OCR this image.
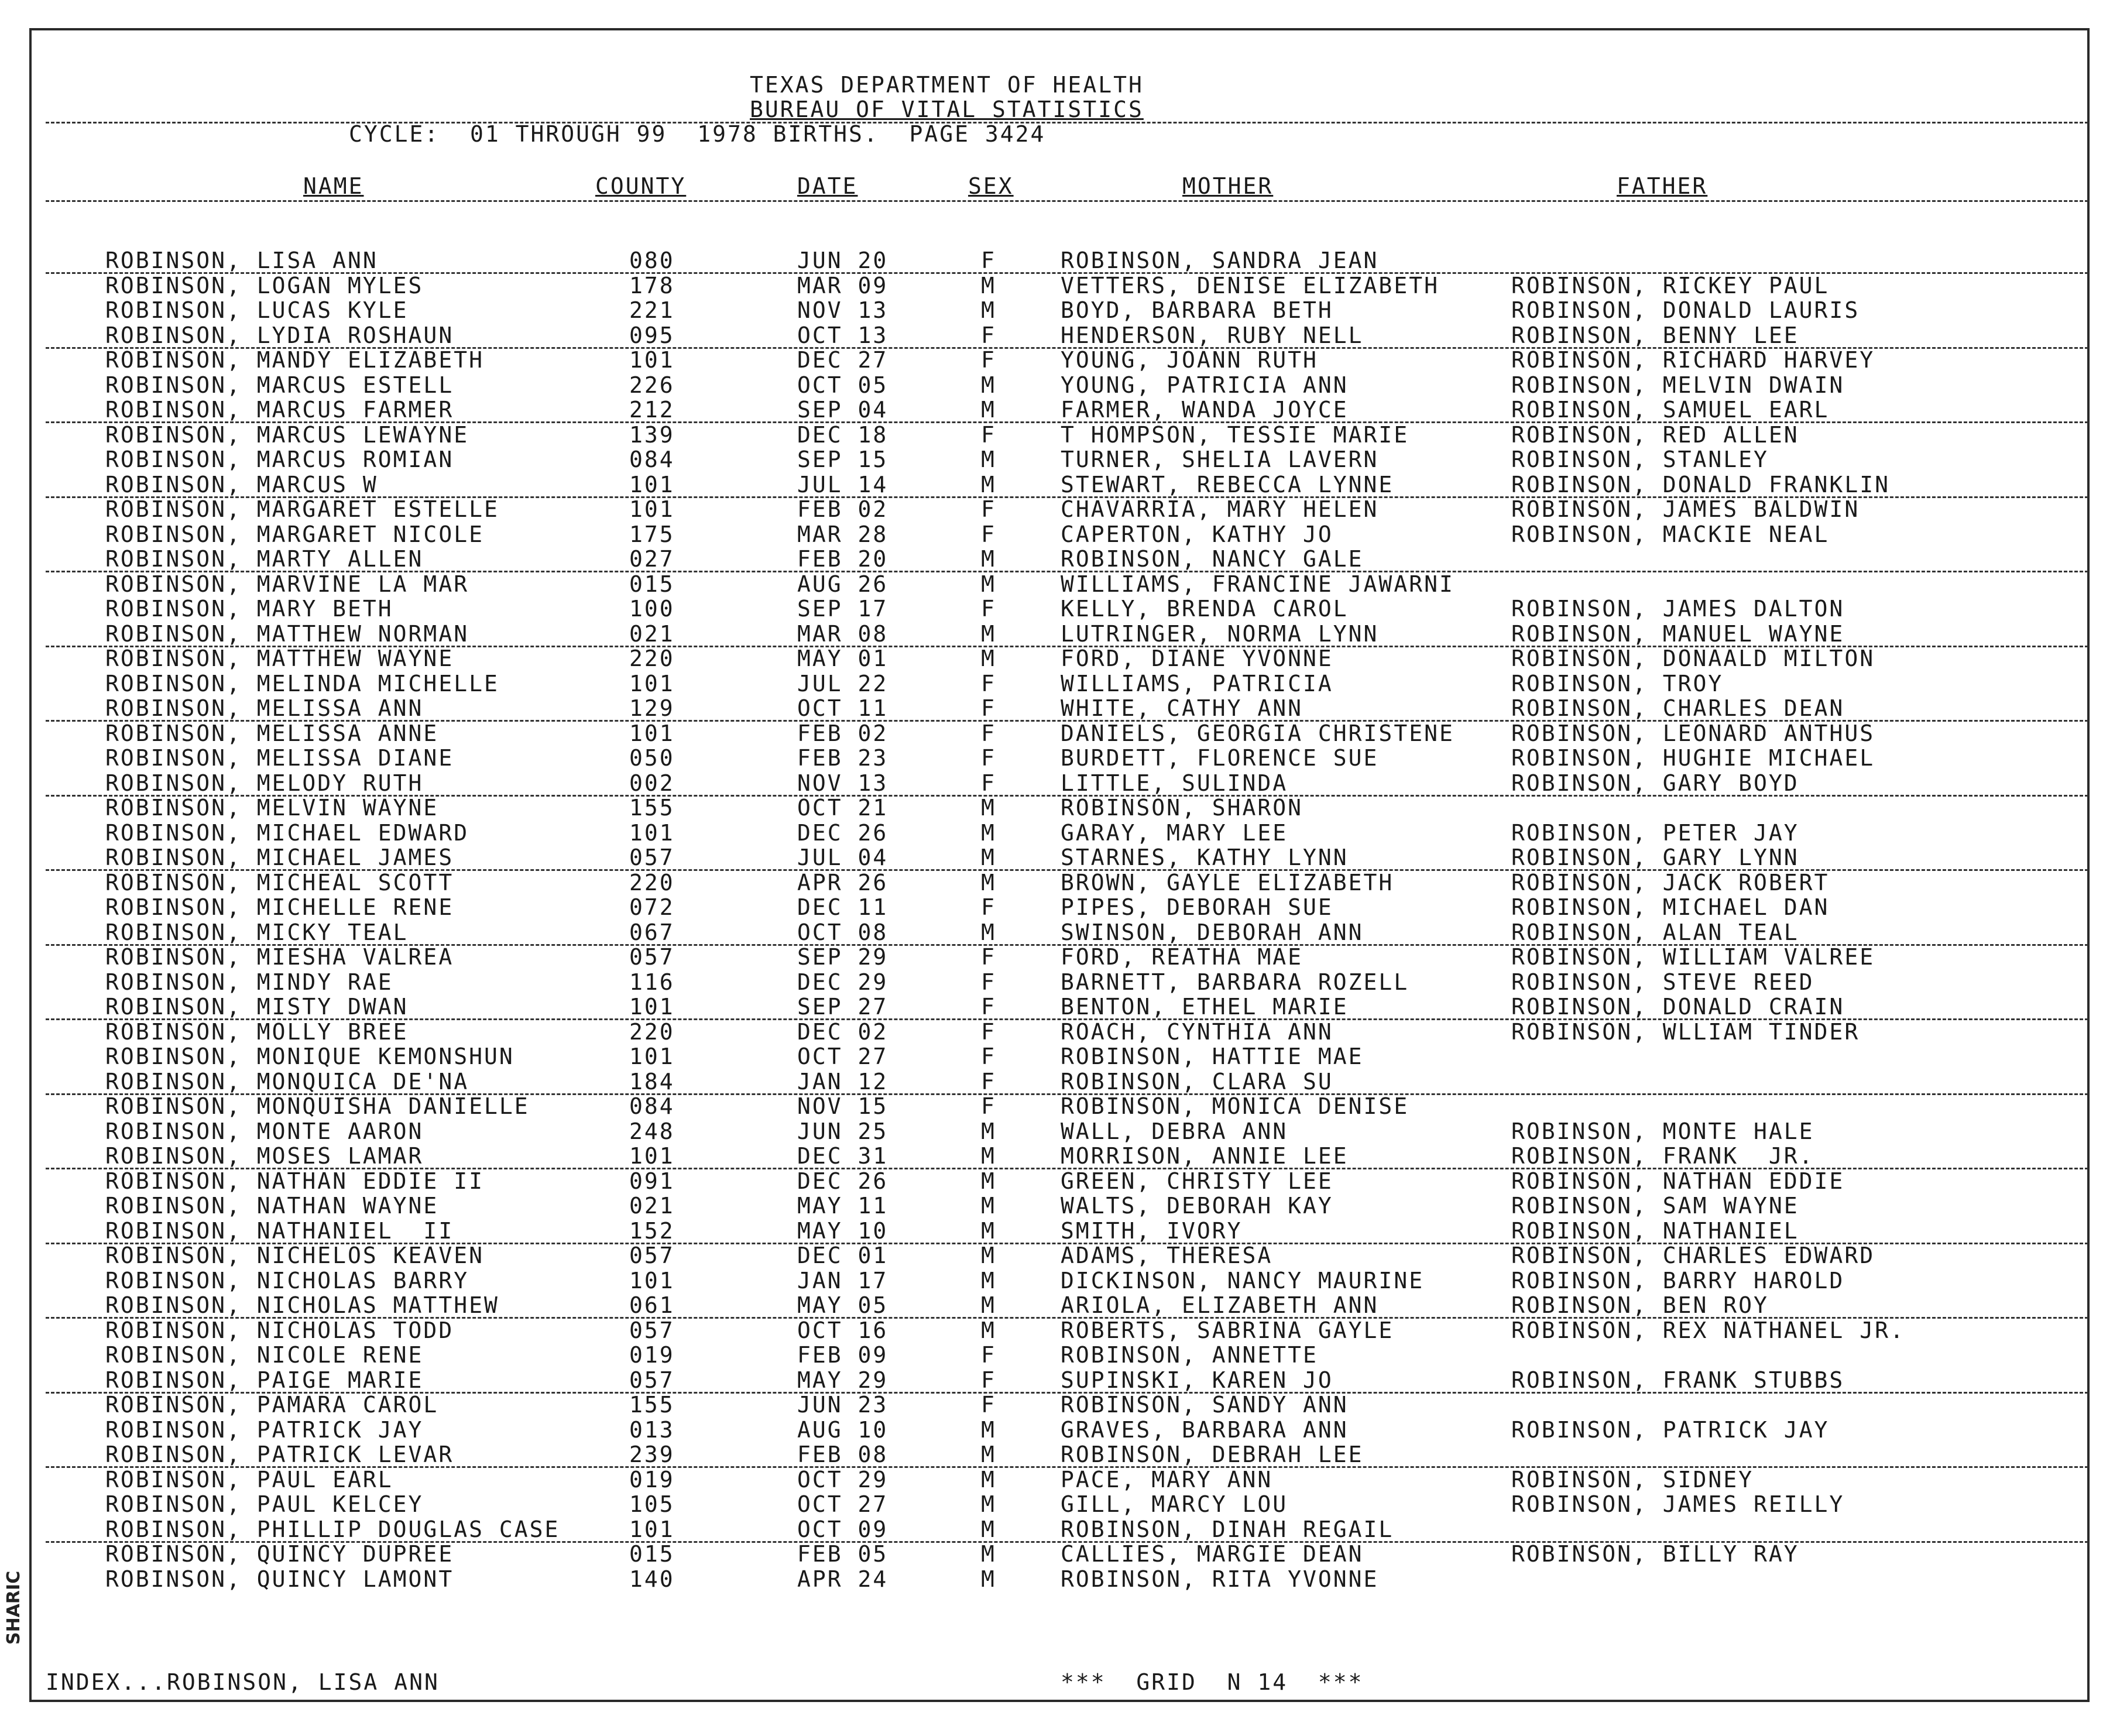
SHARIC
TEXAS DEPARTMENT OF HEALTH
BUREAU OF VITAL STATISTICS
CYCLE:  01 THROUGH 99  1978 BIRTHS.  PAGE 3424
NAME	COUNTY	DATE	SEX	MOTHER	FATHER
ROBINSON, LISA ANN	080	JUN 20	F	ROBINSON, SANDRA JEAN
ROBINSON, LOGAN MYLES	178	MAR 09	M	VETTERS, DENISE ELIZABETH	ROBINSON, RICKEY PAUL
ROBINSON, LUCAS KYLE	221	NOV 13	M	BOYD, BARBARA BETH	ROBINSON, DONALD LAURIS
ROBINSON, LYDIA ROSHAUN	095	OCT 13	F	HENDERSON, RUBY NELL	ROBINSON, BENNY LEE
ROBINSON, MANDY ELIZABETH	101	DEC 27	F	YOUNG, JOANN RUTH	ROBINSON, RICHARD HARVEY
ROBINSON, MARCUS ESTELL	226	OCT 05	M	YOUNG, PATRICIA ANN	ROBINSON, MELVIN DWAIN
ROBINSON, MARCUS FARMER	212	SEP 04	M	FARMER, WANDA JOYCE	ROBINSON, SAMUEL EARL
ROBINSON, MARCUS LEWAYNE	139	DEC 18	F	T HOMPSON, TESSIE MARIE	ROBINSON, RED ALLEN
ROBINSON, MARCUS ROMIAN	084	SEP 15	M	TURNER, SHELIA LAVERN	ROBINSON, STANLEY
ROBINSON, MARCUS W	101	JUL 14	M	STEWART, REBECCA LYNNE	ROBINSON, DONALD FRANKLIN
ROBINSON, MARGARET ESTELLE	101	FEB 02	F	CHAVARRIA, MARY HELEN	ROBINSON, JAMES BALDWIN
ROBINSON, MARGARET NICOLE	175	MAR 28	F	CAPERTON, KATHY JO	ROBINSON, MACKIE NEAL
ROBINSON, MARTY ALLEN	027	FEB 20	M	ROBINSON, NANCY GALE
ROBINSON, MARVINE LA MAR	015	AUG 26	M	WILLIAMS, FRANCINE JAWARNI
ROBINSON, MARY BETH	100	SEP 17	F	KELLY, BRENDA CAROL	ROBINSON, JAMES DALTON
ROBINSON, MATTHEW NORMAN	021	MAR 08	M	LUTRINGER, NORMA LYNN	ROBINSON, MANUEL WAYNE
ROBINSON, MATTHEW WAYNE	220	MAY 01	M	FORD, DIANE YVONNE	ROBINSON, DONAALD MILTON
ROBINSON, MELINDA MICHELLE	101	JUL 22	F	WILLIAMS, PATRICIA	ROBINSON, TROY
ROBINSON, MELISSA ANN	129	OCT 11	F	WHITE, CATHY ANN	ROBINSON, CHARLES DEAN
ROBINSON, MELISSA ANNE	101	FEB 02	F	DANIELS, GEORGIA CHRISTENE	ROBINSON, LEONARD ANTHUS
ROBINSON, MELISSA DIANE	050	FEB 23	F	BURDETT, FLORENCE SUE	ROBINSON, HUGHIE MICHAEL
ROBINSON, MELODY RUTH	002	NOV 13	F	LITTLE, SULINDA	ROBINSON, GARY BOYD
ROBINSON, MELVIN WAYNE	155	OCT 21	M	ROBINSON, SHARON
ROBINSON, MICHAEL EDWARD	101	DEC 26	M	GARAY, MARY LEE	ROBINSON, PETER JAY
ROBINSON, MICHAEL JAMES	057	JUL 04	M	STARNES, KATHY LYNN	ROBINSON, GARY LYNN
ROBINSON, MICHEAL SCOTT	220	APR 26	M	BROWN, GAYLE ELIZABETH	ROBINSON, JACK ROBERT
ROBINSON, MICHELLE RENE	072	DEC 11	F	PIPES, DEBORAH SUE	ROBINSON, MICHAEL DAN
ROBINSON, MICKY TEAL	067	OCT 08	M	SWINSON, DEBORAH ANN	ROBINSON, ALAN TEAL
ROBINSON, MIESHA VALREA	057	SEP 29	F	FORD, REATHA MAE	ROBINSON, WILLIAM VALREE
ROBINSON, MINDY RAE	116	DEC 29	F	BARNETT, BARBARA ROZELL	ROBINSON, STEVE REED
ROBINSON, MISTY DWAN	101	SEP 27	F	BENTON, ETHEL MARIE	ROBINSON, DONALD CRAIN
ROBINSON, MOLLY BREE	220	DEC 02	F	ROACH, CYNTHIA ANN	ROBINSON, WLLIAM TINDER
ROBINSON, MONIQUE KEMONSHUN	101	OCT 27	F	ROBINSON, HATTIE MAE
ROBINSON, MONQUICA DE'NA	184	JAN 12	F	ROBINSON, CLARA SU
ROBINSON, MONQUISHA DANIELLE	084	NOV 15	F	ROBINSON, MONICA DENISE
ROBINSON, MONTE AARON	248	JUN 25	M	WALL, DEBRA ANN	ROBINSON, MONTE HALE
ROBINSON, MOSES LAMAR	101	DEC 31	M	MORRISON, ANNIE LEE	ROBINSON, FRANK  JR.
ROBINSON, NATHAN EDDIE II	091	DEC 26	M	GREEN, CHRISTY LEE	ROBINSON, NATHAN EDDIE
ROBINSON, NATHAN WAYNE	021	MAY 11	M	WALTS, DEBORAH KAY	ROBINSON, SAM WAYNE
ROBINSON, NATHANIEL  II	152	MAY 10	M	SMITH, IVORY	ROBINSON, NATHANIEL
ROBINSON, NICHELOS KEAVEN	057	DEC 01	M	ADAMS, THERESA	ROBINSON, CHARLES EDWARD
ROBINSON, NICHOLAS BARRY	101	JAN 17	M	DICKINSON, NANCY MAURINE	ROBINSON, BARRY HAROLD
ROBINSON, NICHOLAS MATTHEW	061	MAY 05	M	ARIOLA, ELIZABETH ANN	ROBINSON, BEN ROY
ROBINSON, NICHOLAS TODD	057	OCT 16	M	ROBERTS, SABRINA GAYLE	ROBINSON, REX NATHANEL JR.
ROBINSON, NICOLE RENE	019	FEB 09	F	ROBINSON, ANNETTE
ROBINSON, PAIGE MARIE	057	MAY 29	F	SUPINSKI, KAREN JO	ROBINSON, FRANK STUBBS
ROBINSON, PAMARA CAROL	155	JUN 23	F	ROBINSON, SANDY ANN
ROBINSON, PATRICK JAY	013	AUG 10	M	GRAVES, BARBARA ANN	ROBINSON, PATRICK JAY
ROBINSON, PATRICK LEVAR	239	FEB 08	M	ROBINSON, DEBRAH LEE
ROBINSON, PAUL EARL	019	OCT 29	M	PACE, MARY ANN	ROBINSON, SIDNEY
ROBINSON, PAUL KELCEY	105	OCT 27	M	GILL, MARCY LOU	ROBINSON, JAMES REILLY
ROBINSON, PHILLIP DOUGLAS CASE	101	OCT 09	M	ROBINSON, DINAH REGAIL
ROBINSON, QUINCY DUPREE	015	FEB 05	M	CALLIES, MARGIE DEAN	ROBINSON, BILLY RAY
ROBINSON, QUINCY LAMONT	140	APR 24	M	ROBINSON, RITA YVONNE
INDEX...ROBINSON, LISA ANN	***  GRID  N 14  ***
